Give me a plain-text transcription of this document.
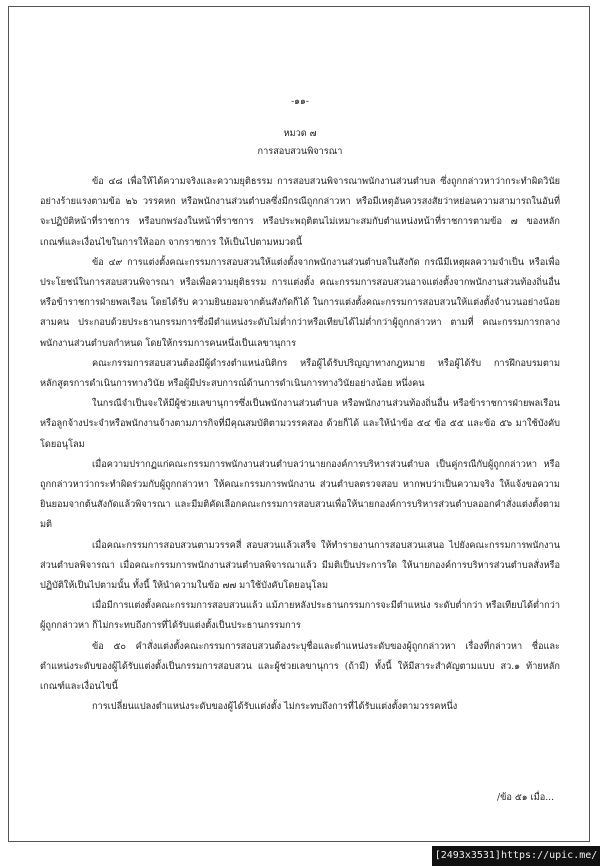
-๑๑-
หมวด ๗
การสอบสวนพิจารณา

ข้อ ๔๘ เพื่อให้ได้ความจริงและความยุติธรรม การสอบสวนพิจารณาพนักงานส่วนตำบล ซึ่งถูกกล่าวหาว่ากระทำผิดวินัยอย่างร้ายแรงตามข้อ ๒๖ วรรคหก หรือพนักงานส่วนตำบลซึ่งมีกรณีถูกกล่าวหา หรือมีเหตุอันควรสงสัยว่าหย่อนความสามารถในอันที่จะปฏิบัติหน้าที่ราชการ หรือบกพร่องในหน้าที่ราชการ หรือประพฤติตนไม่เหมาะสมกับตำแหน่งหน้าที่ราชการตามข้อ ๗ ของหลักเกณฑ์และเงื่อนไขในการให้ออก จากราชการ ให้เป็นไปตามหมวดนี้

ข้อ ๔๙ การแต่งตั้งคณะกรรมการสอบสวนให้แต่งตั้งจากพนักงานส่วนตำบลในสังกัด กรณีมีเหตุผลความจำเป็น หรือเพื่อประโยชน์ในการสอบสวนพิจารณา หรือเพื่อความยุติธรรม การแต่งตั้ง คณะกรรมการสอบสวนอาจแต่งตั้งจากพนักงานส่วนท้องถิ่นอื่น หรือข้าราชการฝ่ายพลเรือน โดยได้รับ ความยินยอมจากต้นสังกัดก็ได้ ในการแต่งตั้งคณะกรรมการสอบสวนให้แต่งตั้งจำนวนอย่างน้อยสามคน ประกอบด้วยประธานกรรมการซึ่งมีตำแหน่งระดับไม่ต่ำกว่าหรือเทียบได้ไม่ต่ำกว่าผู้ถูกกล่าวหา ตามที่ คณะกรรมการกลางพนักงานส่วนตำบลกำหนด โดยให้กรรมการคนหนึ่งเป็นเลขานุการ

คณะกรรมการสอบสวนต้องมีผู้ดำรงตำแหน่งนิติกร หรือผู้ได้รับปริญญาทางกฎหมาย หรือผู้ได้รับ การฝึกอบรมตามหลักสูตรการดำเนินการทางวินัย หรือผู้มีประสบการณ์ด้านการดำเนินการทางวินัยอย่างน้อย หนึ่งคน

ในกรณีจำเป็นจะให้มีผู้ช่วยเลขานุการซึ่งเป็นพนักงานส่วนตำบล หรือพนักงานส่วนท้องถิ่นอื่น หรือข้าราชการฝ่ายพลเรือน หรือลูกจ้างประจำหรือพนักงานจ้างตามภารกิจที่มีคุณสมบัติตามวรรคสอง ด้วยก็ได้ และให้นำข้อ ๕๔ ข้อ ๕๕ และข้อ ๕๖ มาใช้บังคับโดยอนุโลม

เมื่อความปรากฏแก่คณะกรรมการพนักงานส่วนตำบลว่านายกองค์การบริหารส่วนตำบล เป็นคู่กรณีกับผู้ถูกกล่าวหา หรือถูกกล่าวหาว่ากระทำผิดร่วมกับผู้ถูกกล่าวหา ให้คณะกรรมการพนักงาน ส่วนตำบลตรวจสอบ หากพบว่าเป็นความจริง ให้แจ้งขอความยินยอมจากต้นสังกัดแล้วพิจารณา และมีมติคัดเลือกคณะกรรมการสอบสวนเพื่อให้นายกองค์การบริหารส่วนตำบลออกคำสั่งแต่งตั้งตามมติ

เมื่อคณะกรรมการสอบสวนตามวรรคสี่ สอบสวนแล้วเสร็จ ให้ทำรายงานการสอบสวนเสนอ ไปยังคณะกรรมการพนักงานส่วนตำบลพิจารณา เมื่อคณะกรรมการพนักงานส่วนตำบลพิจารณาแล้ว มีมติเป็นประการใด ให้นายกองค์การบริหารส่วนตำบลสั่งหรือปฏิบัติให้เป็นไปตามนั้น ทั้งนี้ ให้นำความในข้อ ๗๗ มาใช้บังคับโดยอนุโลม

เมื่อมีการแต่งตั้งคณะกรรมการสอบสวนแล้ว แม้ภายหลังประธานกรรมการจะมีตำแหน่ง ระดับต่ำกว่า หรือเทียบได้ต่ำกว่าผู้ถูกกล่าวหา ก็ไม่กระทบถึงการที่ได้รับแต่งตั้งเป็นประธานกรรมการ

ข้อ ๕๐ คำสั่งแต่งตั้งคณะกรรมการสอบสวนต้องระบุชื่อและตำแหน่งระดับของผู้ถูกกล่าวหา เรื่องที่กล่าวหา ชื่อและตำแหน่งระดับของผู้ได้รับแต่งตั้งเป็นกรรมการสอบสวน และผู้ช่วยเลขานุการ (ถ้ามี) ทั้งนี้ ให้มีสาระสำคัญตามแบบ สว.๑ ท้ายหลักเกณฑ์และเงื่อนไขนี้

การเปลี่ยนแปลงตำแหน่งระดับของผู้ได้รับแต่งตั้ง ไม่กระทบถึงการที่ได้รับแต่งตั้งตามวรรคหนึ่ง

/ข้อ ๕๑ เมื่อ...
[2493x3531]https://upic.me/
